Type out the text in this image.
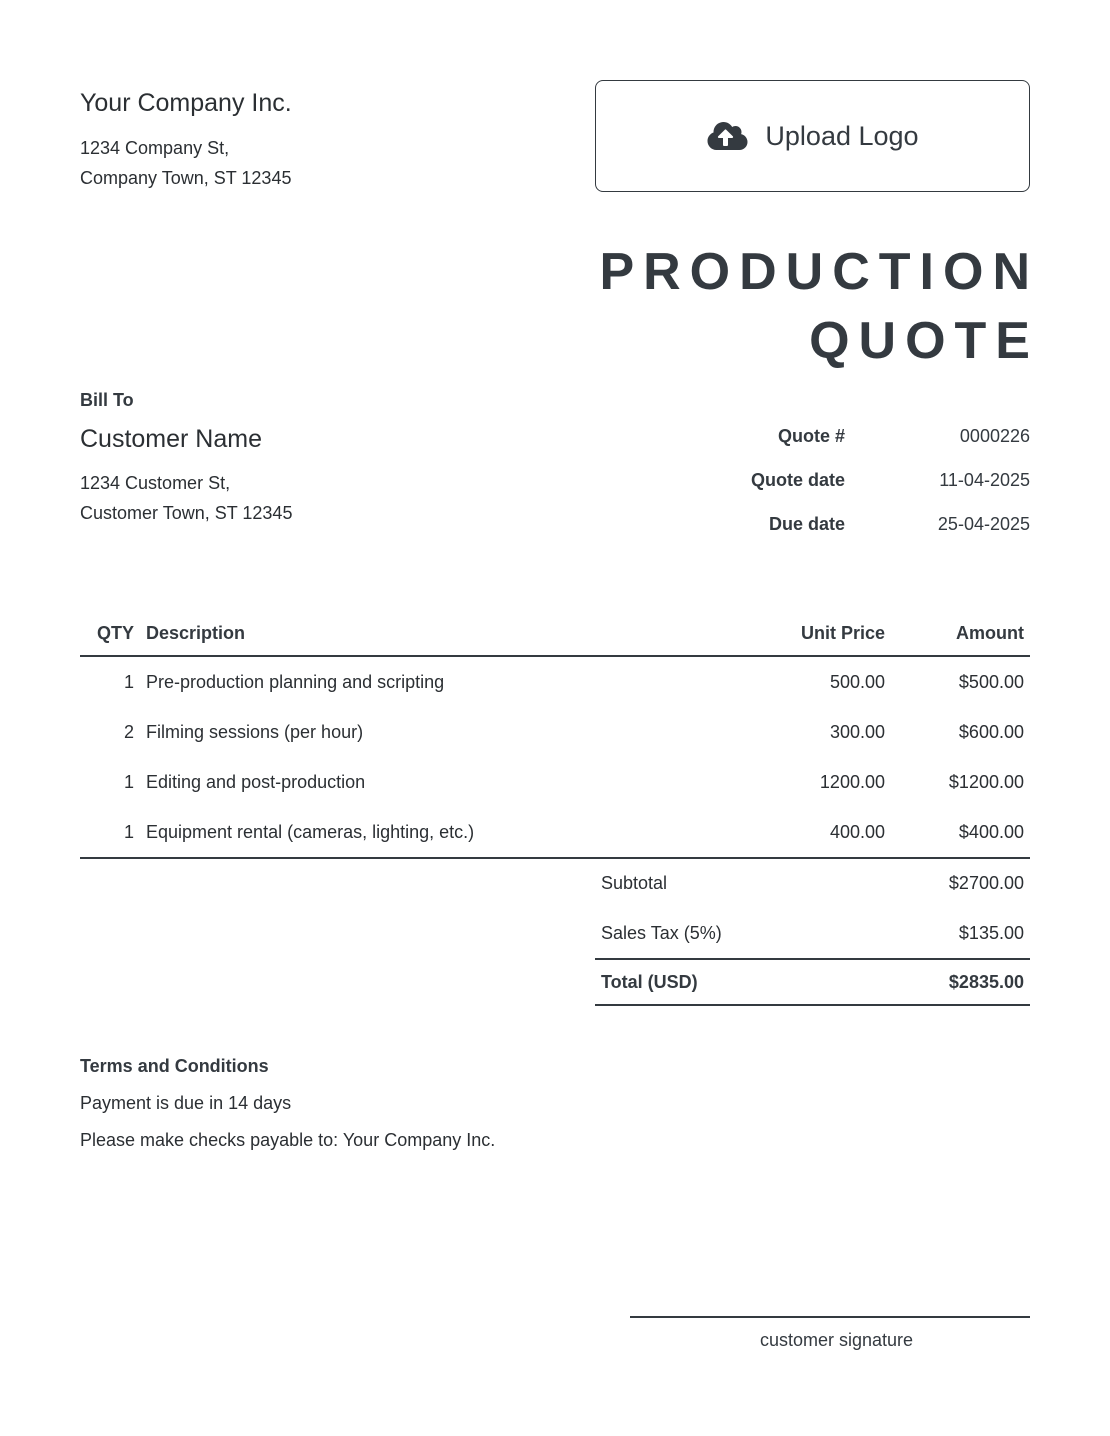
Your Company Inc.
1234 Company St,
Company Town, ST 12345
Upload Logo
PRODUCTION
QUOTE
Bill To
Customer Name
1234 Customer St,
Customer Town, ST 12345
Quote #	0000226
Quote date	11-04-2025
Due date	25-04-2025
QTY Description	Unit Price	Amount
1 Pre-production planning and scripting	500.00	$500.00
2 Filming sessions (per hour)	300.00	$600.00
1 Editing and post-production	1200.00	$1200.00
1 Equipment rental (cameras, lighting, etc.)	400.00	$400.00
Subtotal	$2700.00
Sales Tax (5%)	$135.00
Total (USD)	$2835.00
Terms and Conditions
Payment is due in 14 days
Please make checks payable to: Your Company Inc.
customer signature
